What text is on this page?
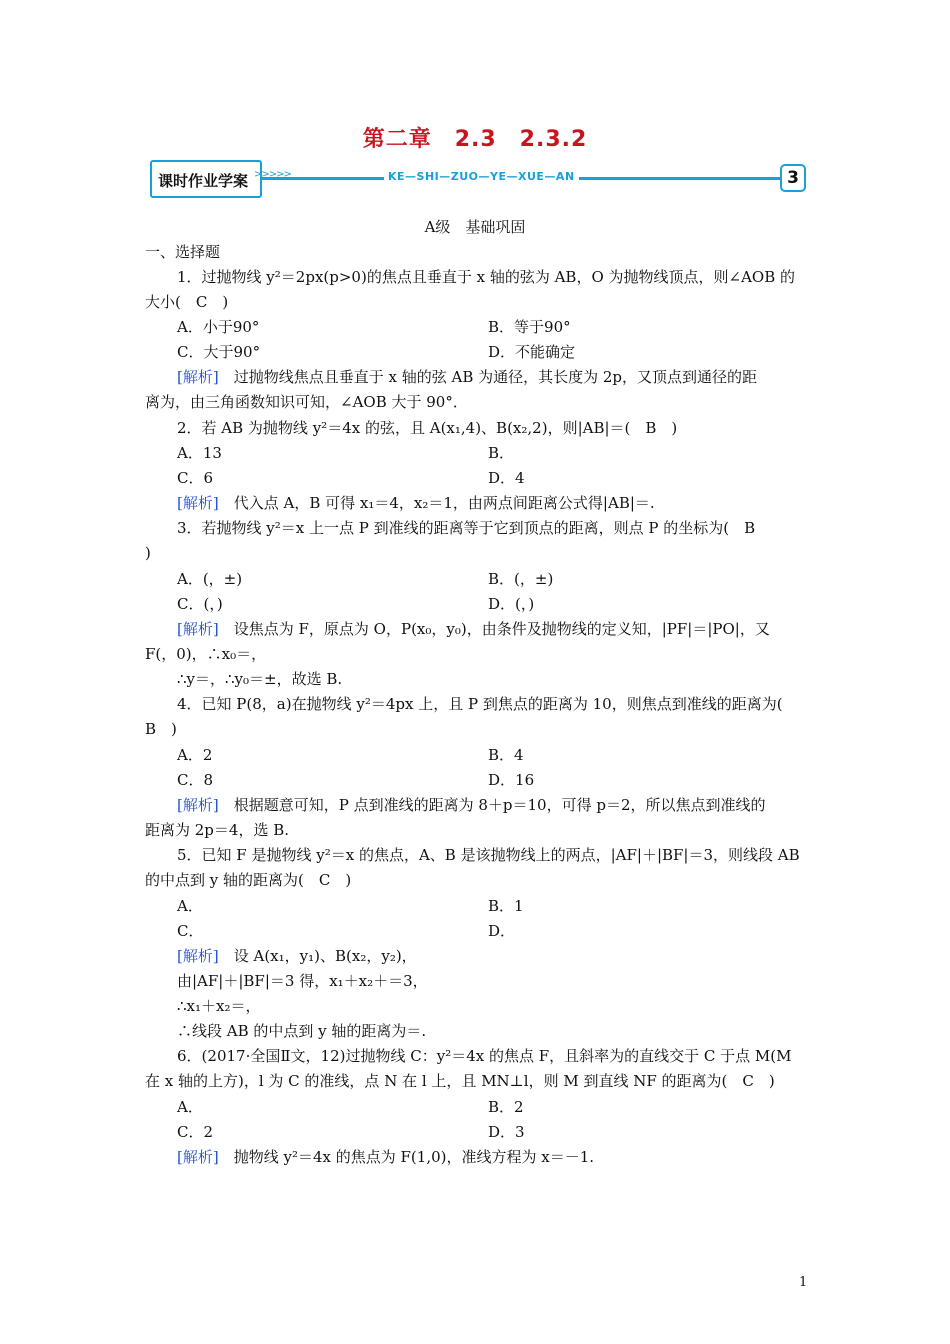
第二章　2.3　2.3.2
课时作业学案 >>>>>	KE—SHI—ZUO—YE—XUE—AN	3
A级　基础巩固
一、选择题
1．过抛物线 y²＝2px(p>0)的焦点且垂直于 x 轴的弦为 AB，O 为抛物线顶点，则∠AOB 的
大小(　C　)
A．小于90°	B．等于90°
C．大于90°	D．不能确定
[解析]　 过抛物线焦点且垂直于 x 轴的弦 AB 为通径，其长度为 2p，又顶点到通径的距
离为，由三角函数知识可知，∠AOB 大于 90°．
2．若 AB 为抛物线 y²＝4x 的弦，且 A(x₁,4)、B(x₂,2)，则|AB|＝(　B　)
A．13	B．
C．6	D．4
[解析]　 代入点 A，B 可得 x₁＝4，x₂＝1，由两点间距离公式得|AB|＝.
3．若抛物线 y²＝x 上一点 P 到准线的距离等于它到顶点的距离，则点 P 的坐标为(　B
)
A．(，±)	B．(，±)
C．(，)	D．(，)
[解析]　 设焦点为 F，原点为 O，P(x₀，y₀)，由条件及抛物线的定义知，|PF|＝|PO|，又
F(，0)，∴x₀＝，
∴y＝，∴y₀＝±，故选 B.
4．已知 P(8，a)在抛物线 y²＝4px 上，且 P 到焦点的距离为 10，则焦点到准线的距离为(
B　)
A．2	B．4
C．8	D．16
[解析]　 根据题意可知，P 点到准线的距离为 8＋p＝10，可得 p＝2，所以焦点到准线的
距离为 2p＝4，选 B.
5．已知 F 是抛物线 y²＝x 的焦点，A、B 是该抛物线上的两点，|AF|＋|BF|＝3，则线段 AB
的中点到 y 轴的距离为(　C　)
A．	B．1
C．	D．
[解析]　 设 A(x₁，y₁)、B(x₂，y₂)，
由|AF|＋|BF|＝3 得，x₁＋x₂＋＝3，
∴x₁＋x₂＝，
∴线段 AB 的中点到 y 轴的距离为＝.
6．(2017·全国Ⅱ文，12)过抛物线 C：y²＝4x 的焦点 F，且斜率为的直线交于 C 于点 M(M
在 x 轴的上方)，l 为 C 的准线，点 N 在 l 上，且 MN⊥l，则 M 到直线 NF 的距离为(　C　)
A．	B．2
C．2	D．3
[解析]　 抛物线 y²＝4x 的焦点为 F(1,0)，准线方程为 x＝－1.
1
